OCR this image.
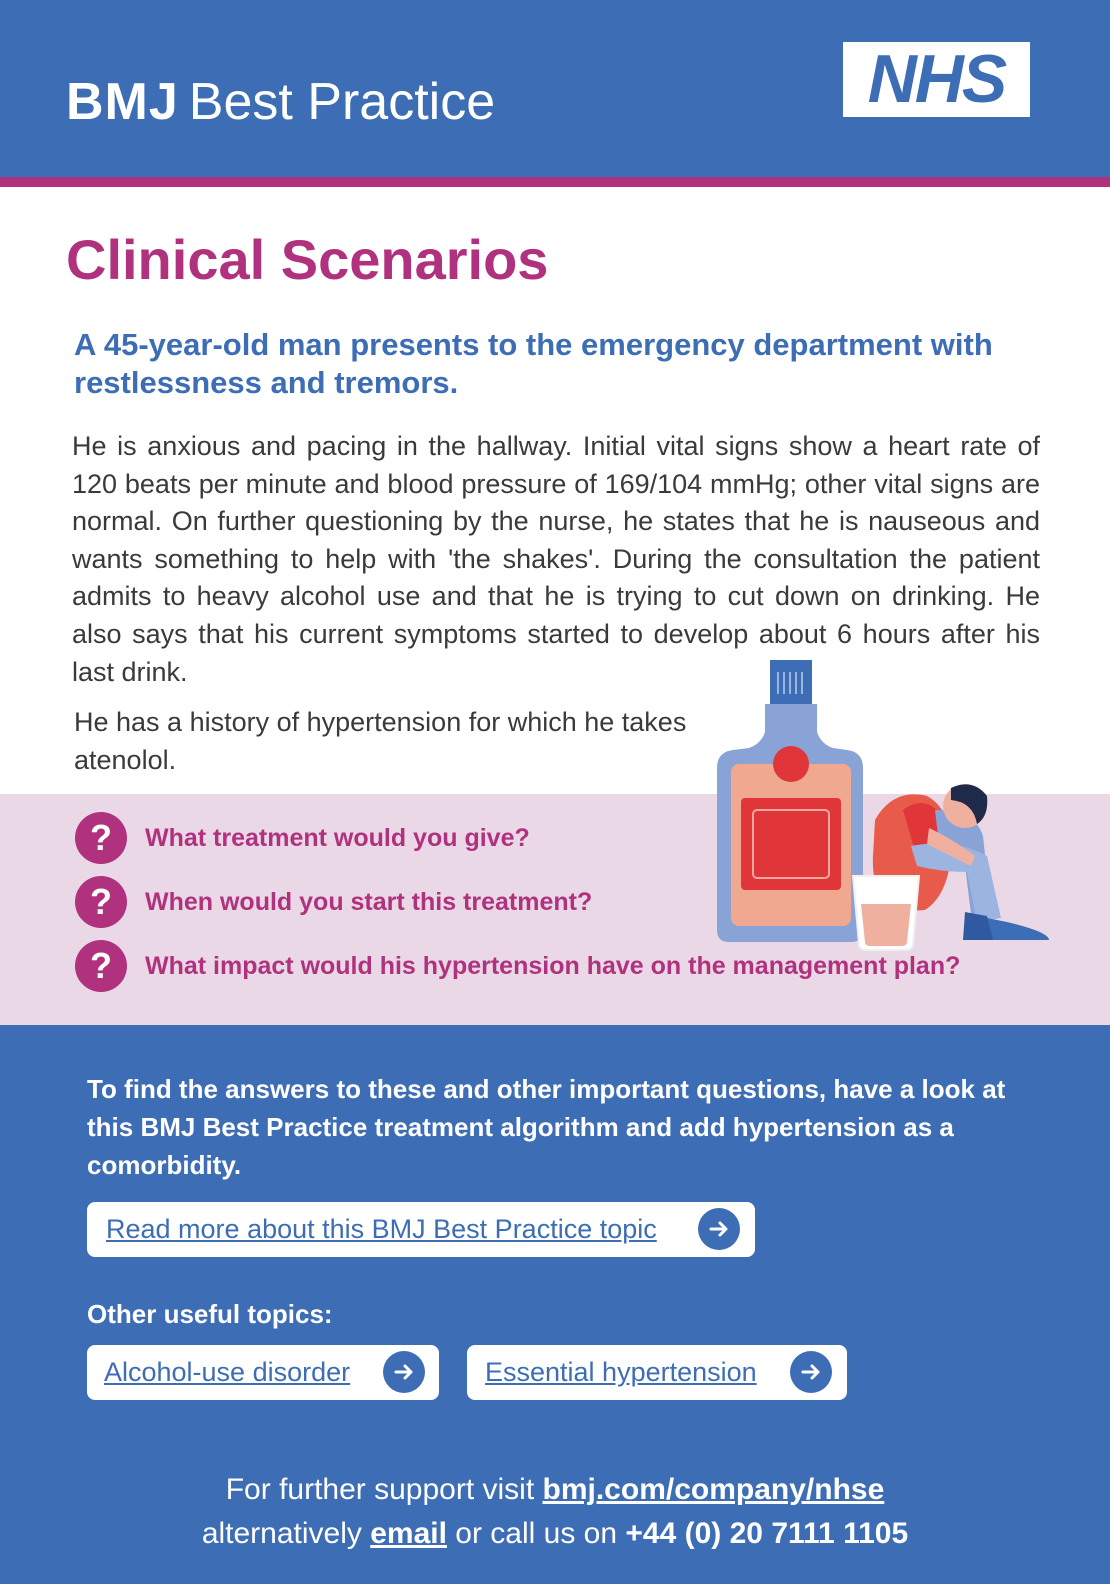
BMJ Best Practice	NHS
Clinical Scenarios
A 45-year-old man presents to the emergency department with restlessness and tremors.

He is anxious and pacing in the hallway. Initial vital signs show a heart rate of 120 beats per minute and blood pressure of 169/104 mmHg; other vital signs are normal. On further questioning by the nurse, he states that he is nauseous and wants something to help with 'the shakes'. During the consultation the patient admits to heavy alcohol use and that he is trying to cut down on drinking. He also says that his current symptoms started to develop about 6 hours after his last drink.

He has a history of hypertension for which he takes atenolol.

?	What treatment would you give?
?	When would you start this treatment?
?	What impact would his hypertension have on the management plan?

To find the answers to these and other important questions, have a look at this BMJ Best Practice treatment algorithm and add hypertension as a comorbidity.

Read more about this BMJ Best Practice topic
Other useful topics:
Alcohol-use disorder	Essential hypertension
For further support visit bmj.com/company/nhse
alternatively email or call us on +44 (0) 20 7111 1105
